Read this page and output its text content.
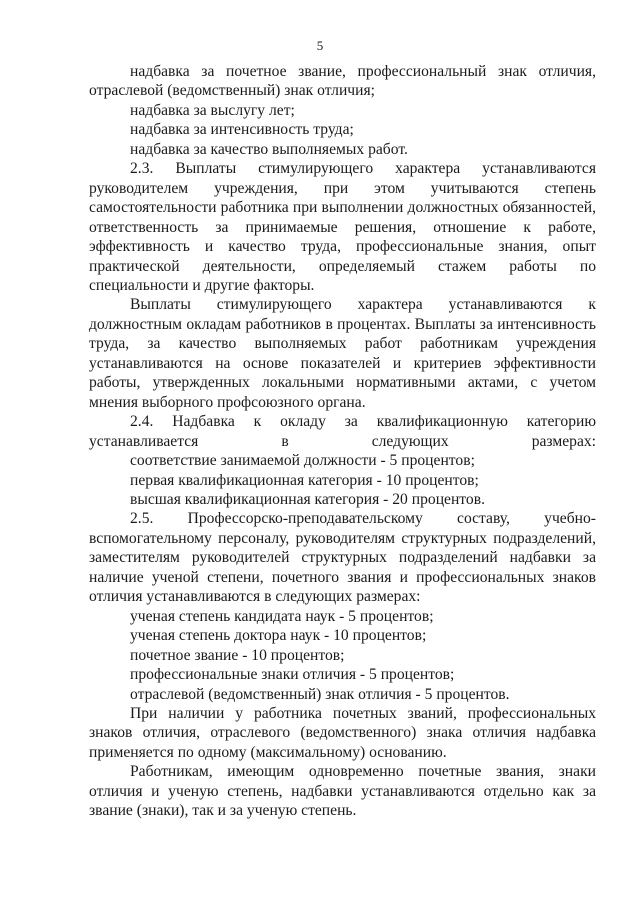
5

надбавка за почетное звание, профессиональный знак отличия, отраслевой (ведомственный) знак отличия;

надбавка за выслугу лет;

надбавка за интенсивность труда;

надбавка за качество выполняемых работ.

2.3. Выплаты стимулирующего характера устанавливаются руководителем учреждения, при этом учитываются степень самостоятельности работника при выполнении должностных обязанностей, ответственность за принимаемые решения, отношение к работе, эффективность и качество труда, профессиональные знания, опыт практической деятельности, определяемый стажем работы по специальности и другие факторы.

Выплаты стимулирующего характера устанавливаются к должностным окладам работников в процентах. Выплаты за интенсивность труда, за качество выполняемых работ работникам учреждения устанавливаются на основе показателей и критериев эффективности работы, утвержденных локальными нормативными актами, с учетом мнения выборного профсоюзного органа.

2.4. Надбавка к окладу за квалификационную категорию устанавливается в следующих размерах:

соответствие занимаемой должности - 5 процентов;

первая квалификационная категория - 10 процентов;

высшая квалификационная категория - 20 процентов.

2.5. Профессорско-преподавательскому составу, учебно-вспомогательному персоналу, руководителям структурных подразделений, заместителям руководителей структурных подразделений надбавки за наличие ученой степени, почетного звания и профессиональных знаков отличия устанавливаются в следующих размерах:

ученая степень кандидата наук - 5 процентов;

ученая степень доктора наук - 10 процентов;

почетное звание - 10 процентов;

профессиональные знаки отличия - 5 процентов;

отраслевой (ведомственный) знак отличия - 5 процентов.

При наличии у работника почетных званий, профессиональных знаков отличия, отраслевого (ведомственного) знака отличия надбавка применяется по одному (максимальному) основанию.

Работникам, имеющим одновременно почетные звания, знаки отличия и ученую степень, надбавки устанавливаются отдельно как за звание (знаки), так и за ученую степень.
